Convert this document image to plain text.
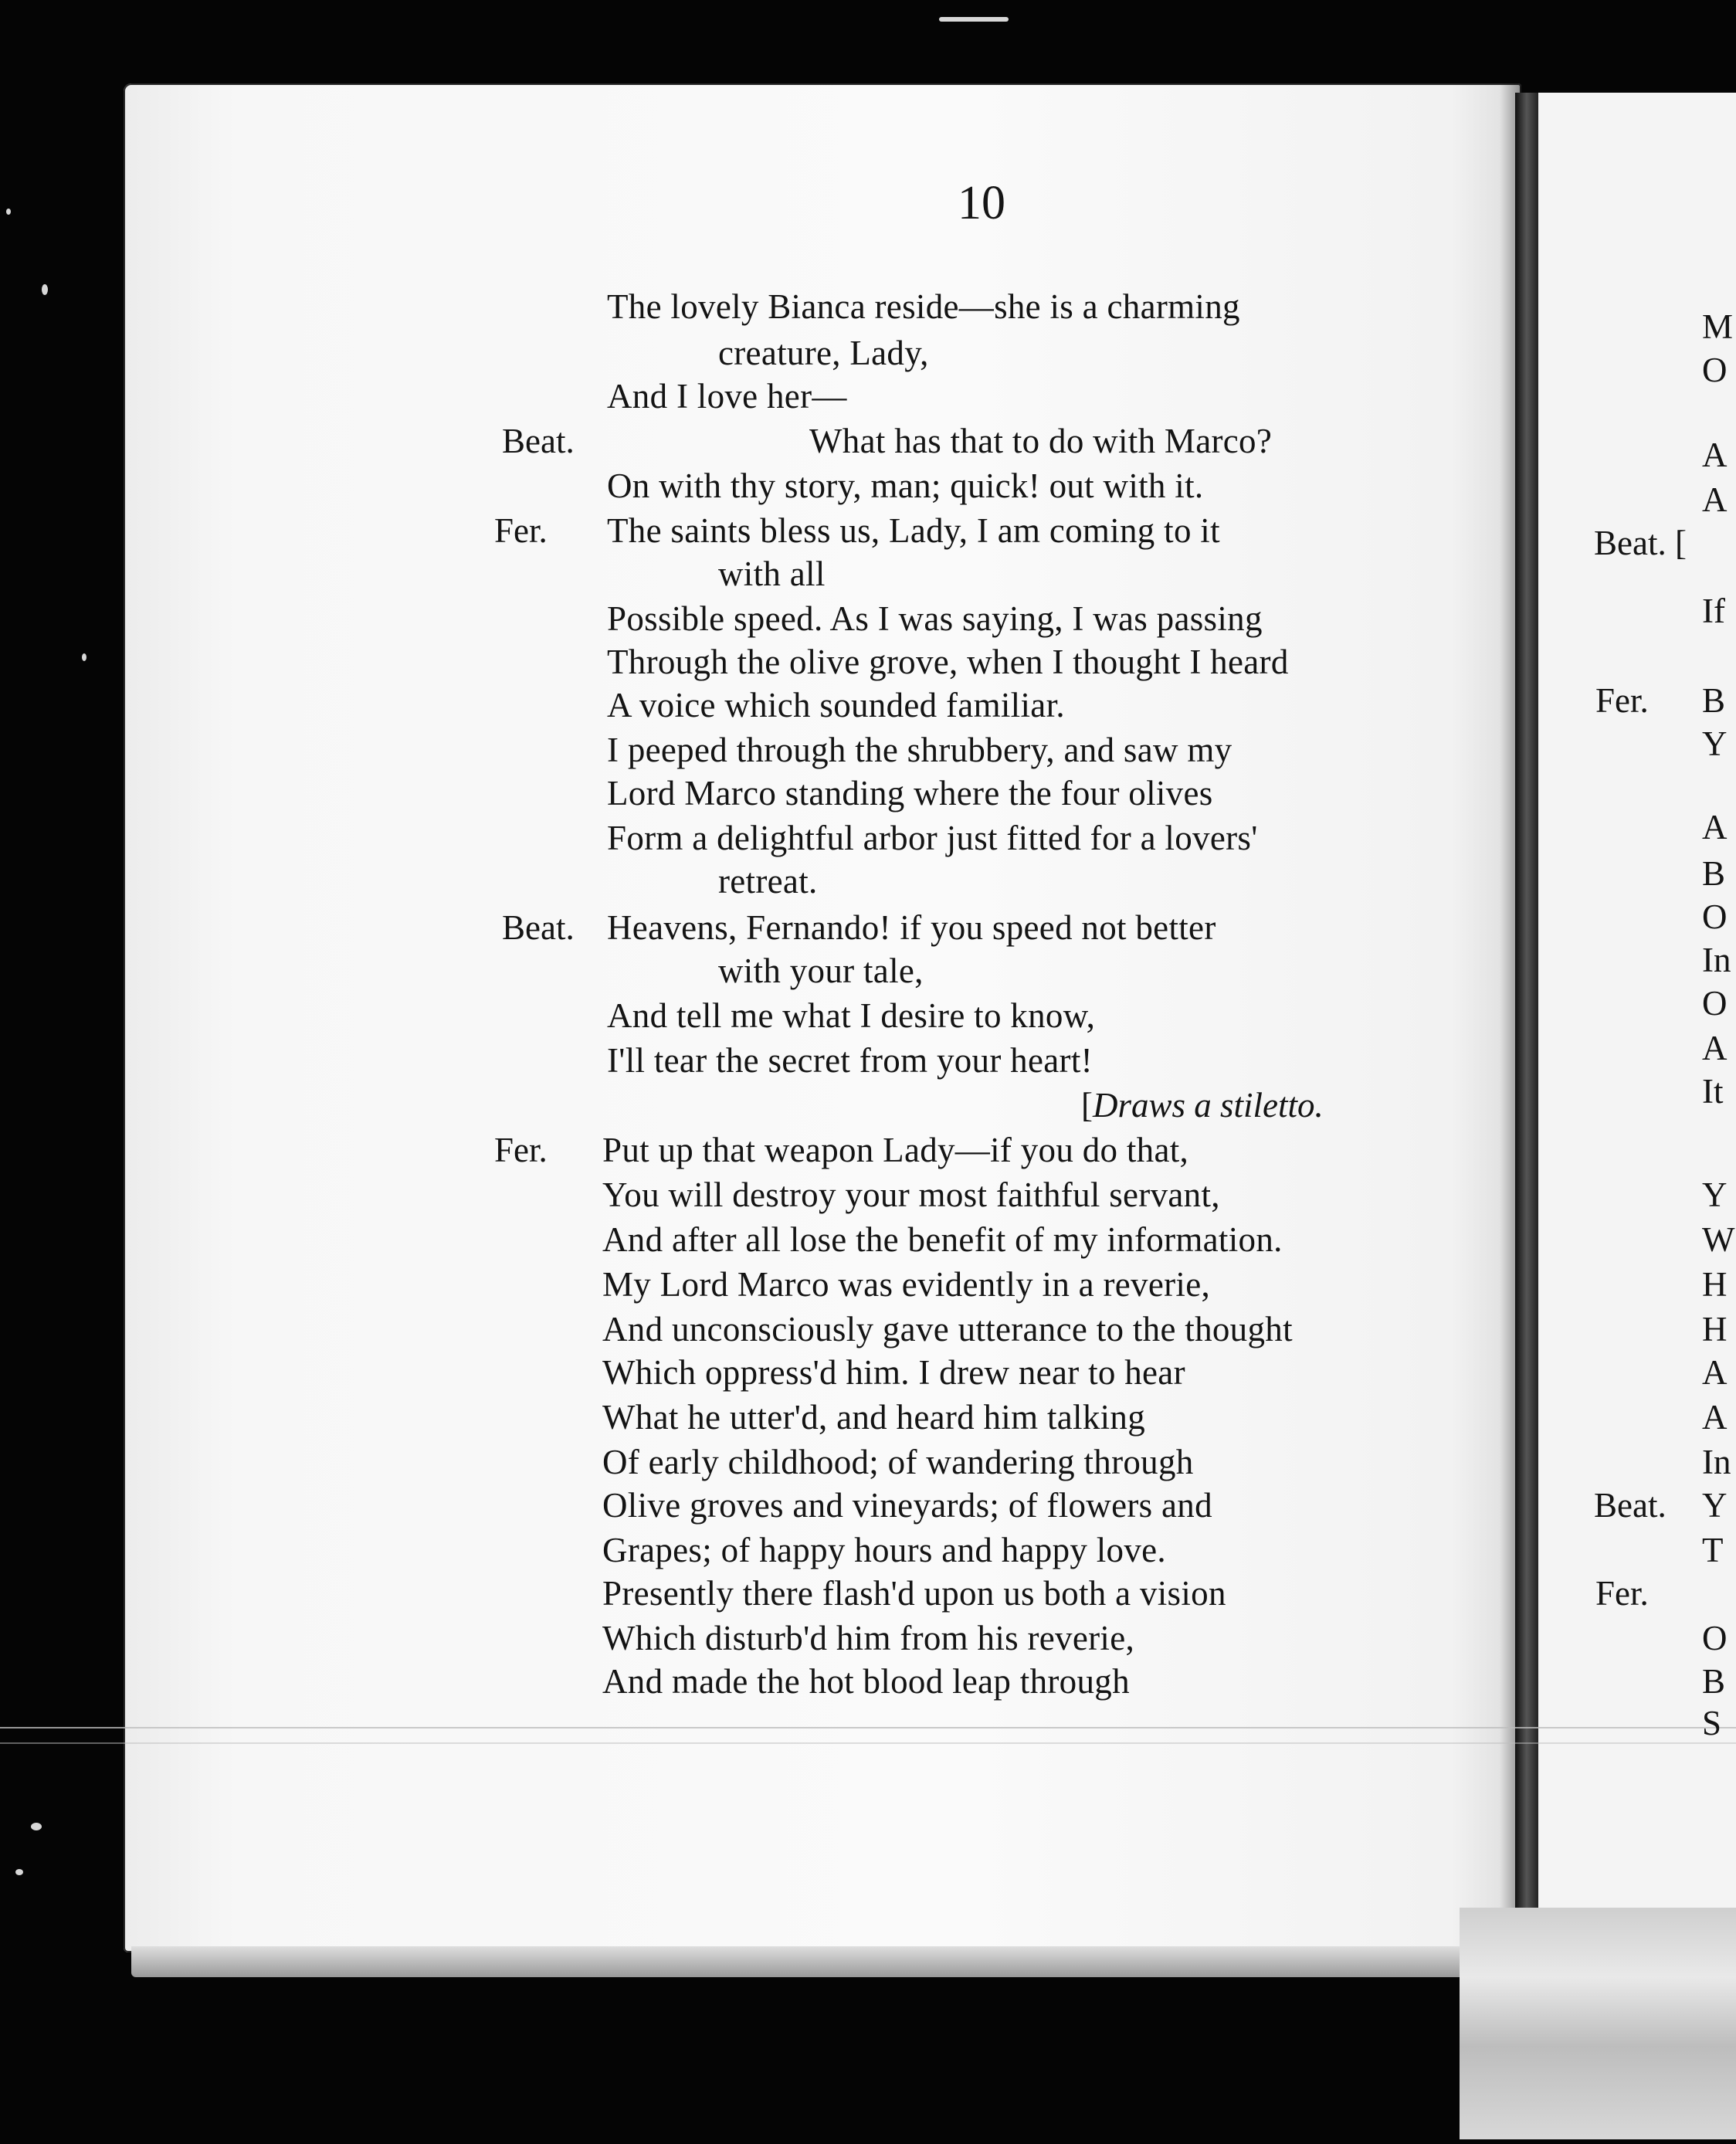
10
The lovely Bianca reside—she is a charming
creature, Lady,
And I love her—
Beat.	What has that to do with Marco?
On with thy story, man; quick! out with it.
Fer. The saints bless us, Lady, I am coming to it
with all
Possible speed. As I was saying, I was passing
Through the olive grove, when I thought I heard
A voice which sounded familiar.
I peeped through the shrubbery, and saw my
Lord Marco standing where the four olives
Form a delightful arbor just fitted for a lovers'
retreat.
Beat. Heavens, Fernando! if you speed not better
with your tale,
And tell me what I desire to know,
I'll tear the secret from your heart!
[Draws a stiletto.
Fer. Put up that weapon Lady—if you do that,
You will destroy your most faithful servant,
And after all lose the benefit of my information.
My Lord Marco was evidently in a reverie,
And unconsciously gave utterance to the thought
Which oppress'd him. I drew near to hear
What he utter'd, and heard him talking
Of early childhood; of wandering through
Olive groves and vineyards; of flowers and
Grapes; of happy hours and happy love.
Presently there flash'd upon us both a vision
Which disturb'd him from his reverie,
And made the hot blood leap through
M
O
A
A
Beat. [
If
Fer. B
Y
A
B
O
In
O
A
It
Y
W
H
H
A
A
In
Beat. Y
T
Fer.
O
B
S
